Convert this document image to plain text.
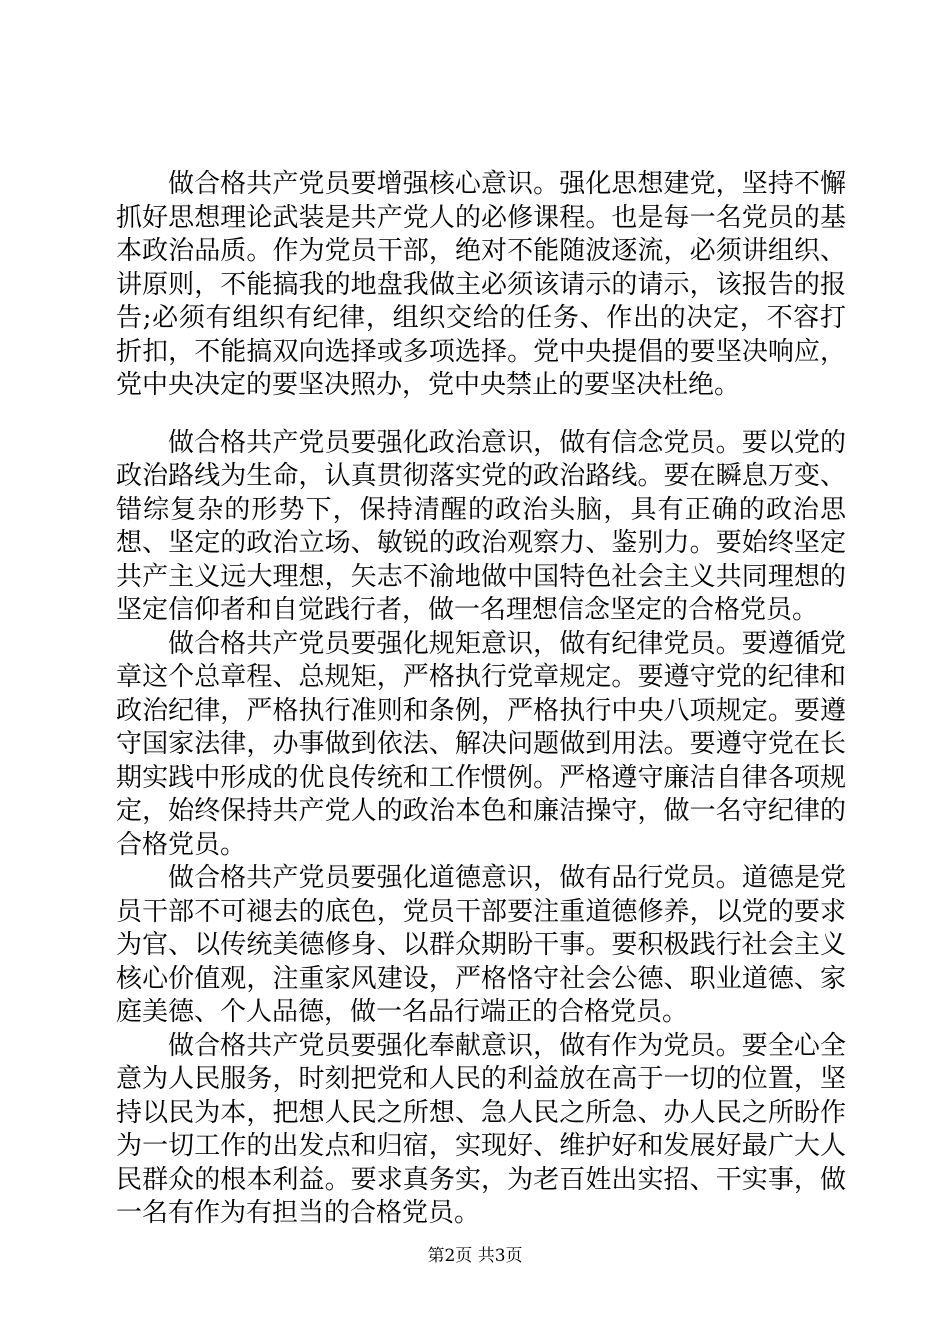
做合格共产党员要增强核心意识。强化思想建党，坚持不懈抓好思想理论武装是共产党人的必修课程。也是每一名党员的基本政治品质。作为党员干部，绝对不能随波逐流，必须讲组织、讲原则，不能搞我的地盘我做主必须该请示的请示，该报告的报告;必须有组织有纪律，组织交给的任务、作出的决定，不容打折扣，不能搞双向选择或多项选择。党中央提倡的要坚决响应，党中央决定的要坚决照办，党中央禁止的要坚决杜绝。

做合格共产党员要强化政治意识，做有信念党员。要以党的政治路线为生命，认真贯彻落实党的政治路线。要在瞬息万变、错综复杂的形势下，保持清醒的政治头脑，具有正确的政治思想、坚定的政治立场、敏锐的政治观察力、鉴别力。要始终坚定共产主义远大理想，矢志不渝地做中国特色社会主义共同理想的坚定信仰者和自觉践行者，做一名理想信念坚定的合格党员。

做合格共产党员要强化规矩意识，做有纪律党员。要遵循党章这个总章程、总规矩，严格执行党章规定。要遵守党的纪律和政治纪律，严格执行准则和条例，严格执行中央八项规定。要遵守国家法律，办事做到依法、解决问题做到用法。要遵守党在长期实践中形成的优良传统和工作惯例。严格遵守廉洁自律各项规定，始终保持共产党人的政治本色和廉洁操守，做一名守纪律的合格党员。

做合格共产党员要强化道德意识，做有品行党员。道德是党员干部不可褪去的底色，党员干部要注重道德修养，以党的要求为官、以传统美德修身、以群众期盼干事。要积极践行社会主义核心价值观，注重家风建设，严格恪守社会公德、职业道德、家庭美德、个人品德，做一名品行端正的合格党员。

做合格共产党员要强化奉献意识，做有作为党员。要全心全意为人民服务，时刻把党和人民的利益放在高于一切的位置，坚持以民为本，把想人民之所想、急人民之所急、办人民之所盼作为一切工作的出发点和归宿，实现好、维护好和发展好最广大人民群众的根本利益。要求真务实，为老百姓出实招、干实事，做一名有作为有担当的合格党员。

第2页 共3页
